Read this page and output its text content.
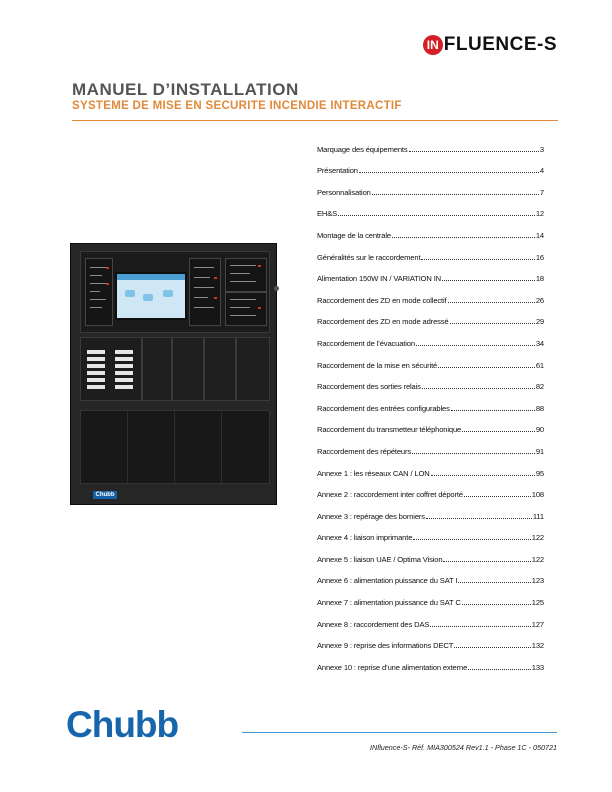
IN FLUENCE-S
MANUEL D’INSTALLATION
SYSTEME DE MISE EN SECURITE INCENDIE INTERACTIF
Chubb
Marquage des équipements	3
Présentation	4
Personnalisation	7
EH&S	12
Montage de la centrale	14
Généralités sur le raccordement	16
Alimentation 150W IN / VARIATION IN	18
Raccordement des ZD en mode collectif	26
Raccordement des ZD en mode adressé	29
Raccordement de l’évacuation	34
Raccordement de la mise en sécurité	61
Raccordement des sorties relais	82
Raccordement des entrées configurables	88
Raccordement du transmetteur téléphonique	90
Raccordement des répéteurs	91
Annexe 1 : les réseaux CAN / LON	95
Annexe 2 : raccordement inter coffret déporté	108
Annexe 3 : repérage des borniers	111
Annexe 4 : liaison imprimante	122
Annexe 5 : liaison UAE / Optima Vision	122
Annexe 6 : alimentation puissance du SAT I	123
Annexe 7 : alimentation puissance du SAT C	125
Annexe 8 : raccordement des DAS	127
Annexe 9 : reprise des informations DECT	132
Annexe 10 : reprise d’une alimentation externe	133
Chubb
INfluence-S- Réf. MIA300524 Rev1.1 - Phase 1C - 050721
